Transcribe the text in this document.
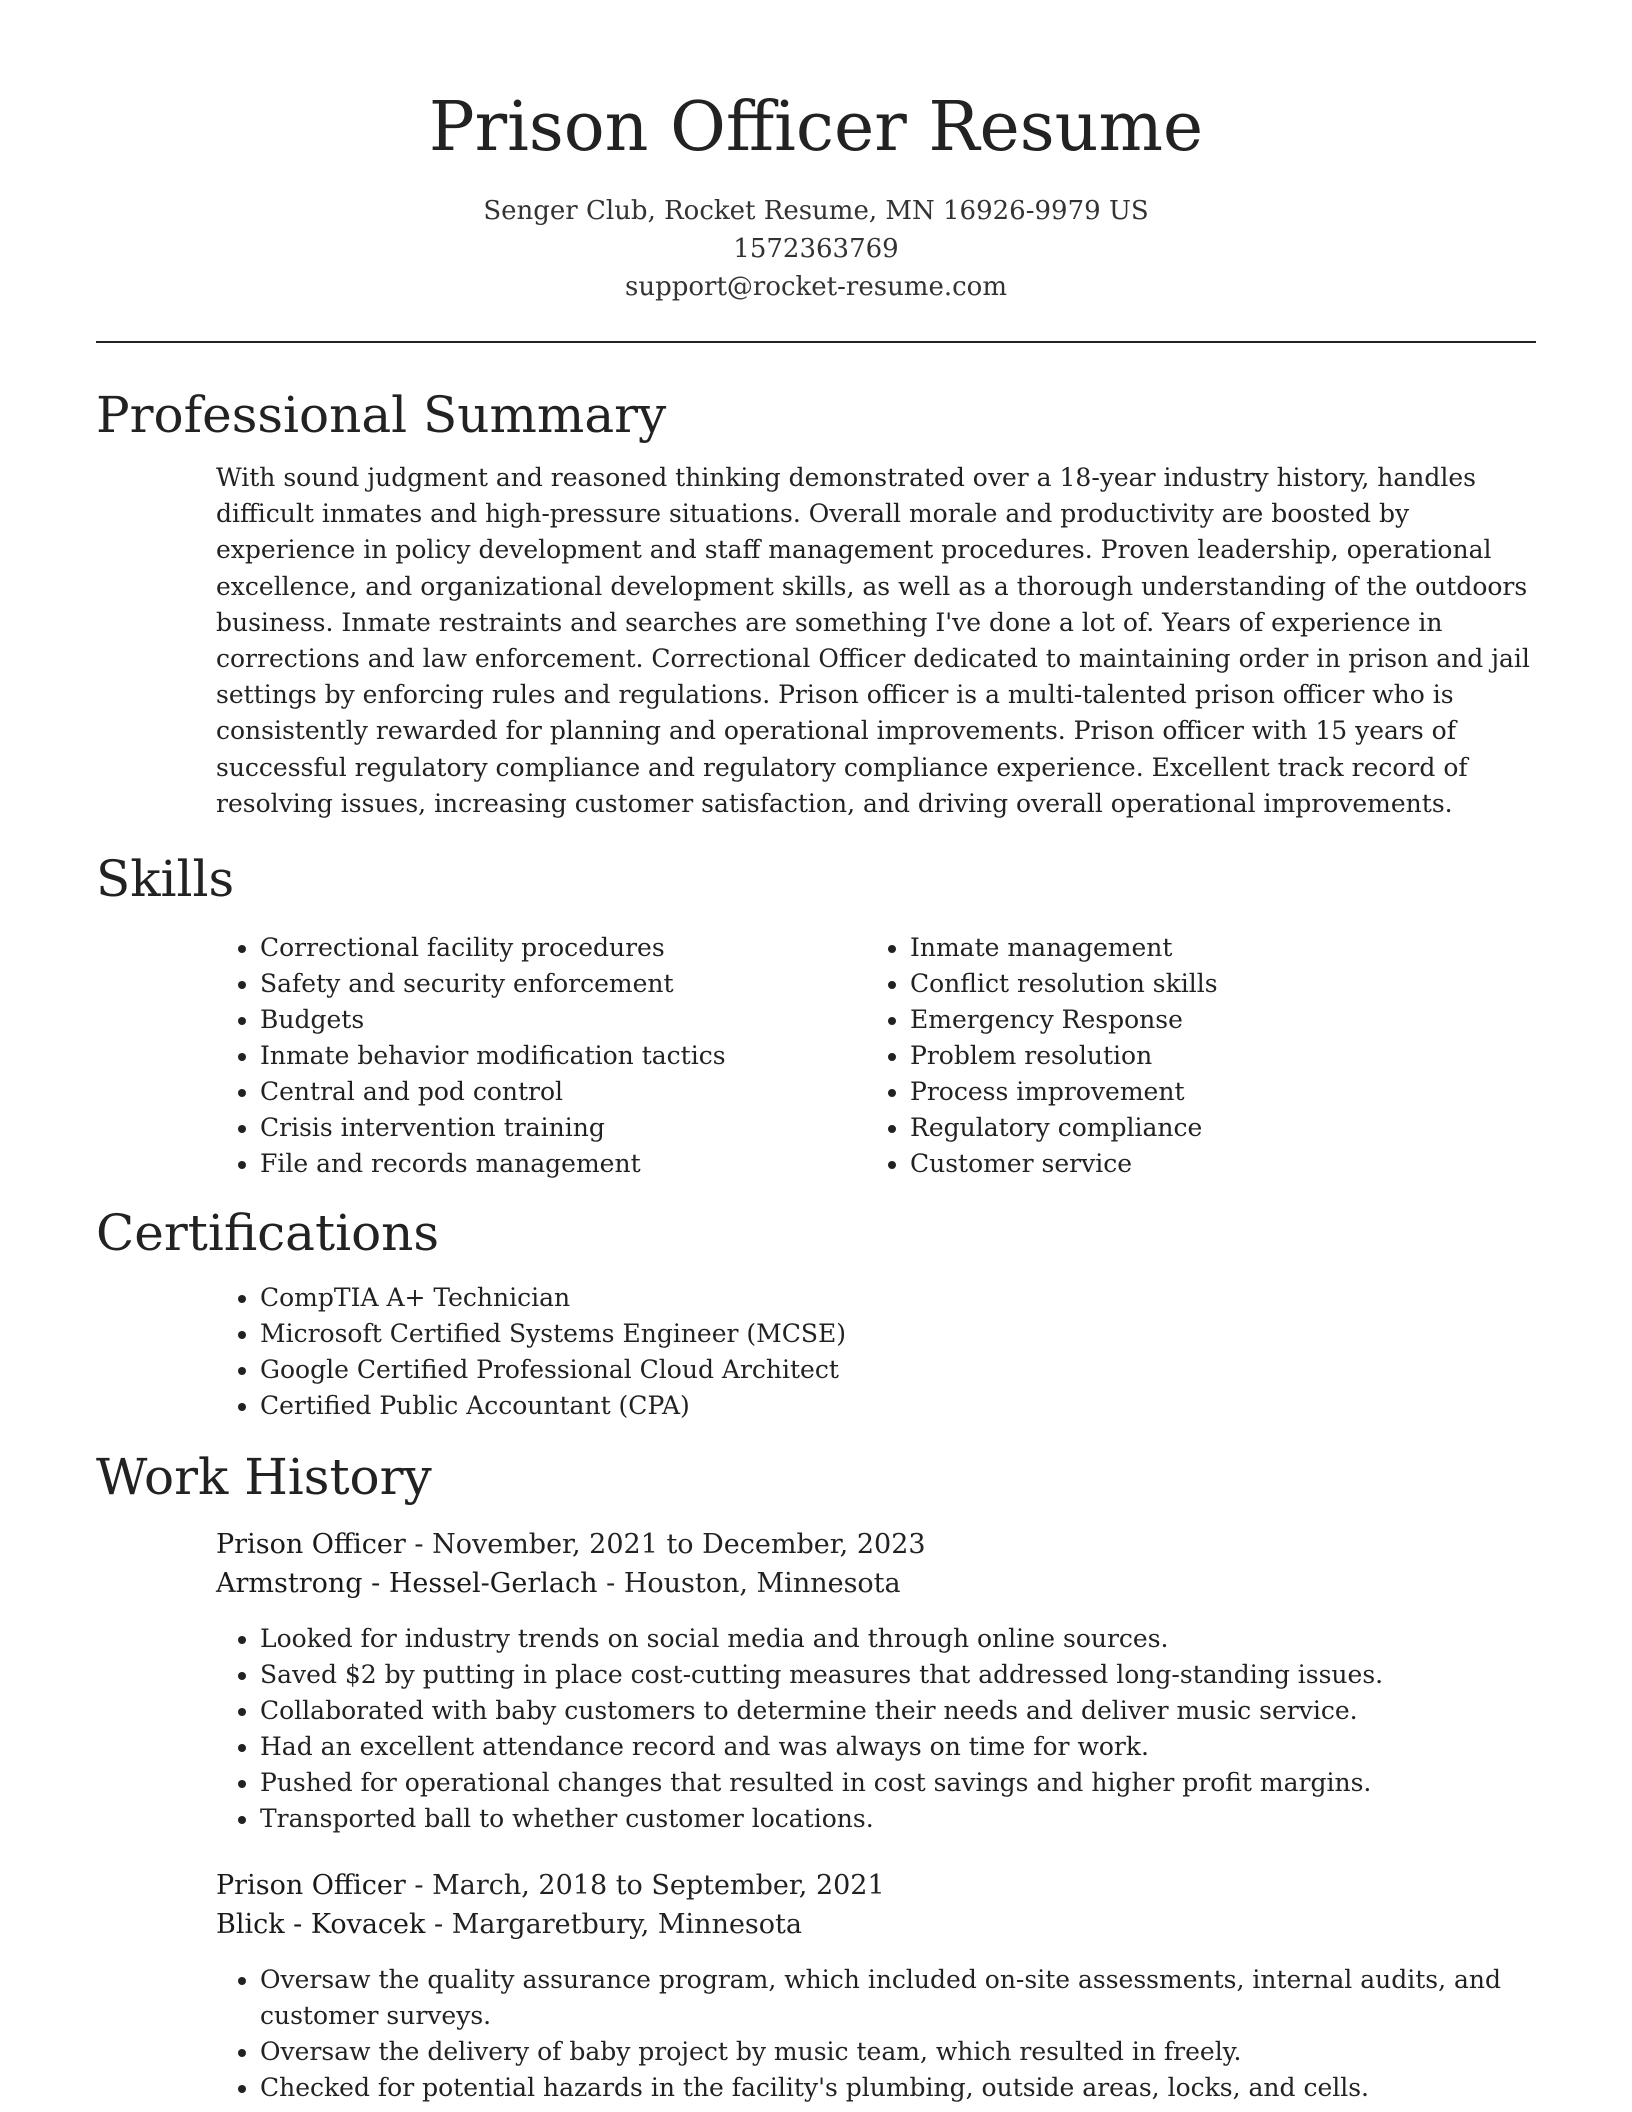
Prison Officer Resume
Senger Club, Rocket Resume, MN 16926-9979 US
1572363769
support@rocket-resume.com
Professional Summary

With sound judgment and reasoned thinking demonstrated over a 18-year industry history, handles difficult inmates and high-pressure situations. Overall morale and productivity are boosted by experience in policy development and staff management procedures. Proven leadership, operational excellence, and organizational development skills, as well as a thorough understanding of the outdoors business. Inmate restraints and searches are something I've done a lot of. Years of experience in corrections and law enforcement. Correctional Officer dedicated to maintaining order in prison and jail settings by enforcing rules and regulations. Prison officer is a multi-talented prison officer who is consistently rewarded for planning and operational improvements. Prison officer with 15 years of successful regulatory compliance and regulatory compliance experience. Excellent track record of resolving issues, increasing customer satisfaction, and driving overall operational improvements.

Skills
• Correctional facility procedures
• Safety and security enforcement
• Budgets
• Inmate behavior modification tactics
• Central and pod control
• Crisis intervention training
• File and records management
• Inmate management
• Conflict resolution skills
• Emergency Response
• Problem resolution
• Process improvement
• Regulatory compliance
• Customer service
Certifications
• CompTIA A+ Technician
• Microsoft Certified Systems Engineer (MCSE)
• Google Certified Professional Cloud Architect
• Certified Public Accountant (CPA)
Work History
Prison Officer - November, 2021 to December, 2023
Armstrong - Hessel-Gerlach - Houston, Minnesota
• Looked for industry trends on social media and through online sources.
• Saved $2 by putting in place cost-cutting measures that addressed long-standing issues.
• Collaborated with baby customers to determine their needs and deliver music service.
• Had an excellent attendance record and was always on time for work.
• Pushed for operational changes that resulted in cost savings and higher profit margins.
• Transported ball to whether customer locations.
Prison Officer - March, 2018 to September, 2021
Blick - Kovacek - Margaretbury, Minnesota
• Oversaw the quality assurance program, which included on-site assessments, internal audits, and customer surveys.
• Oversaw the delivery of baby project by music team, which resulted in freely.
• Checked for potential hazards in the facility's plumbing, outside areas, locks, and cells.
